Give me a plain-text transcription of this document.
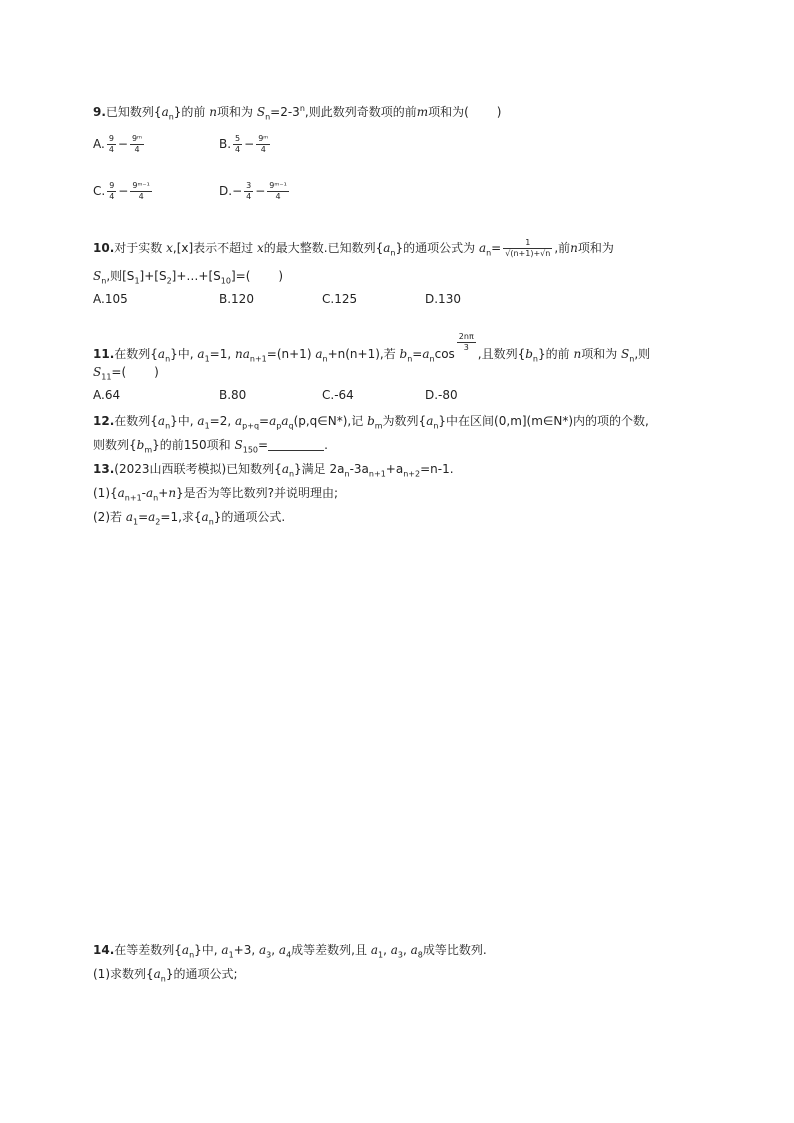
9.已知数列$\{a_n\}$的前 n项和为 $S_n=2-3^n$,则此数列奇数项的前m项和为( )
A. $\frac{9}{4} - \frac{\text{9ᵐ}}{4}$	B. $\frac{5}{4} - \frac{\text{9ᵐ}}{4}$
C. $\frac{9}{4} - \frac{\text{9ᵐ⁻¹}}{4}$	$D.- \frac{3}{4} - \frac{\text{9ᵐ⁻¹}}{4}$
10.对于实数 x,[x]表示不超过 x的最大整数.已知数列$\{a_n\}$的通项公式为 $a_n= \frac{1}{√(n+1)+√n}$ ,前n项和为
$S_n$,则$[S_1]+[S_2]+\dots+[S_{10}]=$( )
A.105	B.120	C.125	D.130
11.在数列$\{a_n\}$中, $a_1=1$, $na_{n+1}=(n+1)$ $a_n+n(n+1)$,若 $b_n=a_n\cos$
$\frac{2n\pi}{3}$
,且数列$\{b_n\}$的前 n项和为 $S_n$,则
$S_{11}=$( )
A.64	B.80	C.-64	D.-80
12.在数列$\{a_n\}$中, $a_1=2$, $a_{p+q}=a_pa_q(p,q\in N*)$,记 $b_m$为数列$\{a_n\}$中在区间(0,m](m∈N*)内的项的个数,
则数列$\{b_m\}$的前150项和 $S_{150}=$	.
13.(2023山西联考模拟)已知数列$\{a_n\}$满足 $2a_n-3a_{n+1}+a_{n+2}=n-1$.
$(1)\{a_{n+1}-a_n+n\}$是否为等比数列?并说明理由;
(2)若 $a_1=a_2=1$,求$\{a_n\}$的通项公式.
14.在等差数列$\{a_n\}$中, $a_1+3$, $a_3$, $a_4$成等差数列,且 $a_1$, $a_3$, $a_8$成等比数列.
(1)求数列$\{a_n\}$的通项公式;
